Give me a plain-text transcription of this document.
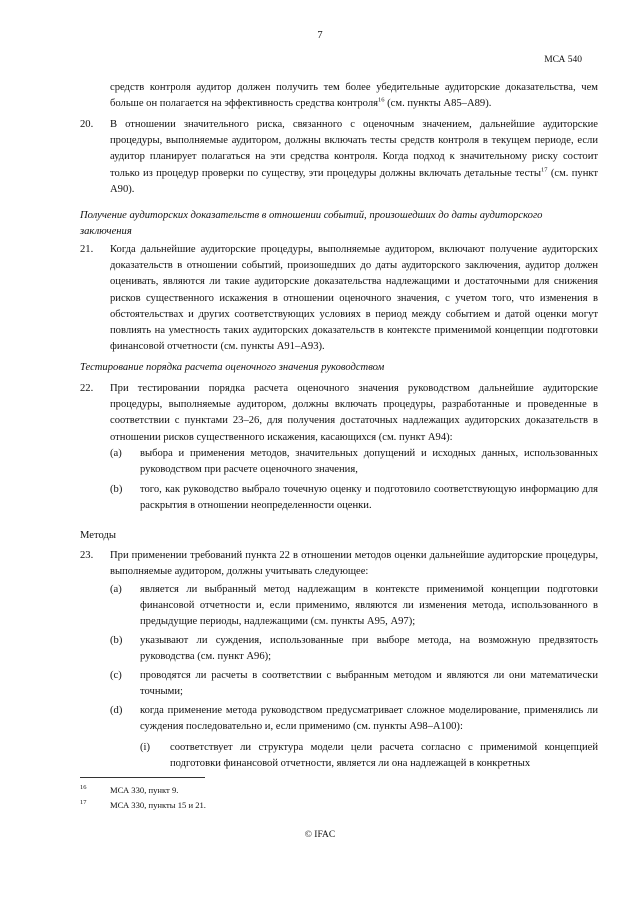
7
МСА 540
средств контроля аудитор должен получить тем более убедительные аудиторские доказательства, чем больше он полагается на эффективность средства контроля$^{16}$ (см. пункты А85–А89).
20. В отношении значительного риска, связанного с оценочным значением, дальнейшие аудиторские процедуры, выполняемые аудитором, должны включать тесты средств контроля в текущем периоде, если аудитор планирует полагаться на эти средства контроля. Когда подход к значительному риску состоит только из процедур проверки по существу, эти процедуры должны включать детальные тесты$^{17}$ (см. пункт А90).
Получение аудиторских доказательств в отношении событий, произошедших до даты аудиторского заключения
21. Когда дальнейшие аудиторские процедуры, выполняемые аудитором, включают получение аудиторских доказательств в отношении событий, произошедших до даты аудиторского заключения, аудитор должен оценивать, являются ли такие аудиторские доказательства надлежащими и достаточными для снижения рисков существенного искажения в отношении оценочного значения, с учетом того, что изменения в обстоятельствах и других соответствующих условиях в период между событием и датой оценки могут повлиять на уместность таких аудиторских доказательств в контексте применимой концепции подготовки финансовой отчетности (см. пункты А91–А93).
Тестирование порядка расчета оценочного значения руководством
22. При тестировании порядка расчета оценочного значения руководством дальнейшие аудиторские процедуры, выполняемые аудитором, должны включать процедуры, разработанные и проведенные в соответствии с пунктами 23–26, для получения достаточных надлежащих аудиторских доказательств в отношении рисков существенного искажения, касающихся (см. пункт А94):
(a) выбора и применения методов, значительных допущений и исходных данных, использованных руководством при расчете оценочного значения,
(b) того, как руководство выбрало точечную оценку и подготовило соответствующую информацию для раскрытия в отношении неопределенности оценки.
Методы
23. При применении требований пункта 22 в отношении методов оценки дальнейшие аудиторские процедуры, выполняемые аудитором, должны учитывать следующее:
(a) является ли выбранный метод надлежащим в контексте применимой концепции подготовки финансовой отчетности и, если применимо, являются ли изменения метода, использованного в предыдущие периоды, надлежащими (см. пункты А95, А97);
(b) указывают ли суждения, использованные при выборе метода, на возможную предвзятость руководства (см. пункт А96);
(c) проводятся ли расчеты в соответствии с выбранным методом и являются ли они математически точными;
(d) когда применение метода руководством предусматривает сложное моделирование, применялись ли суждения последовательно и, если применимо (см. пункты А98–А100):
(i) соответствует ли структура модели цели расчета согласно с применимой концепцией подготовки финансовой отчетности, является ли она надлежащей в конкретных
$^{16}$	МСА 330, пункт 9.
$^{17}$	МСА 330, пункты 15 и 21.
© IFAC
